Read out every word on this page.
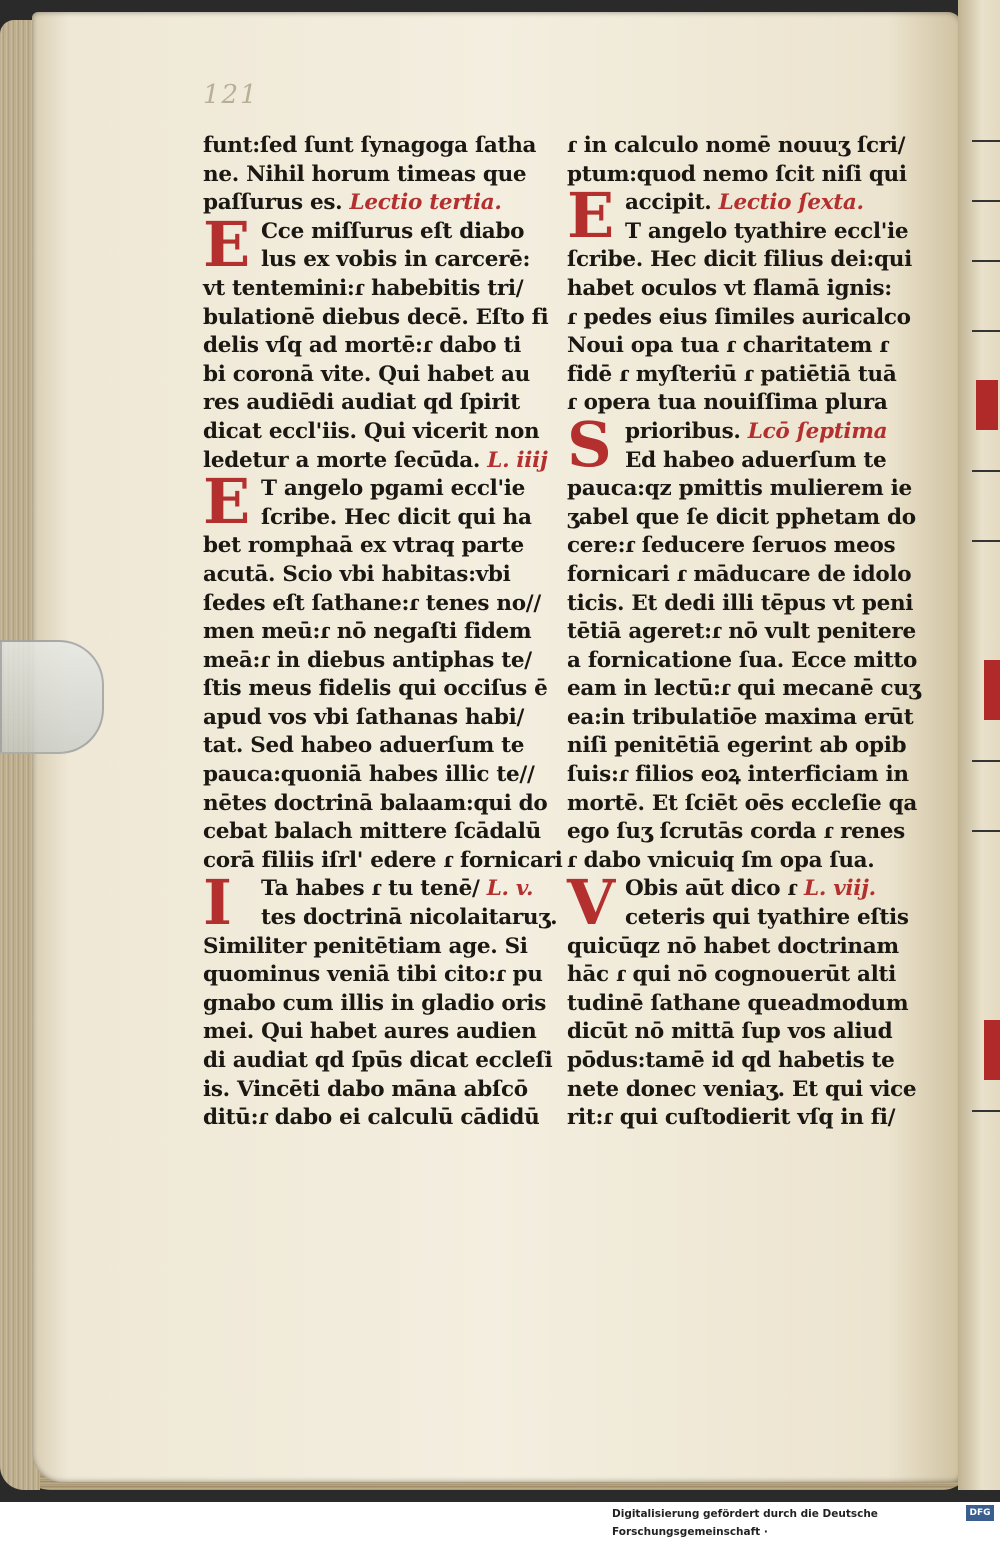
121
funt:ſed ſunt ſynagoga ſatha
ne. Nihil horum timeas que
paſſurus es. Lectio tertia.
Cce miſſurus eſt diabo
lus ex vobis in carcerē:
vt tentemini:ɾ habebitis tri/
bulationē diebus decē. Eſto fi
delis vſq ad mortē:ɾ dabo ti
bi coronā vite. Qui habet au
res audiēdi audiat qd ſpirit
dicat eccl'iis. Qui vicerit non
ledetur a morte ſecūda. L. iiij
T angelo pgami eccl'ie
ſcribe. Hec dicit qui ha
bet romphaā ex vtraq parte
acutā. Scio vbi habitas:vbi
ſedes eſt ſathane:ɾ tenes no//
men meū:ɾ nō negaſti fidem
meā:ɾ in diebus antiphas te/
ſtis meus fidelis qui occiſus ē
apud vos vbi ſathanas habi/
tat. Sed habeo aduerſum te
pauca:quoniā habes illic te//
nētes doctrinā balaam:qui do
cebat balach mittere ſcādalū
corā filiis iſrl' edere ɾ fornicari
Ta habes ɾ tu tenē/ L. v.
tes doctrinā nicolaitaruʒ.
Similiter penitētiam age. Si
quominus veniā tibi cito:ɾ pu
gnabo cum illis in gladio oris
mei. Qui habet aures audien
di audiat qd ſpūs dicat eccleſi
is. Vincēti dabo māna abſcō
ditū:ɾ dabo ei calculū cādidū
E
E
I
ɾ in calculo nomē nouuʒ ſcri/
ptum:quod nemo ſcit niſi qui
accipit. Lectio ſexta.
T angelo tyathire eccl'ie
ſcribe. Hec dicit filius dei:qui
habet oculos vt flamā ignis:
ɾ pedes eius ſimiles auricalco
Noui opa tua ɾ charitatem ɾ
fidē ɾ myſteriū ɾ patiētiā tuā
ɾ opera tua nouiſſima plura
prioribus. Lcō ſeptima
Ed habeo aduerſum te
pauca:qz pmittis mulierem ie
ʒabel que ſe dicit pphetam do
cere:ɾ ſeducere ſeruos meos
fornicari ɾ māducare de idolo
ticis. Et dedi illi tēpus vt peni
tētiā ageret:ɾ nō vult penitere
a fornicatione ſua. Ecce mitto
eam in lectū:ɾ qui mecanē cuʒ
ea:in tribulatiōe maxima erūt
niſi penitētiā egerint ab opib
ſuis:ɾ filios eoꝝ interficiam in
mortē. Et ſciēt oēs eccleſie qa
ego ſuʒ ſcrutās corda ɾ renes
ɾ dabo vnicuiq ſm opa ſua.
Obis aūt dico ɾ L. viij.
ceteris qui tyathire eſtis
quicūqz nō habet doctrinam
hāc ɾ qui nō cognouerūt alti
tudinē ſathane queadmodum
dicūt nō mittā ſup vos aliud
pōdus:tamē id qd habetis te
nete donec veniaʒ. Et qui vice
rit:ɾ qui cuſtodierit vſq in fi/
E
S
V
Digitalisierung gefördert durch die Deutsche Forschungsgemeinschaft ·
DFG
